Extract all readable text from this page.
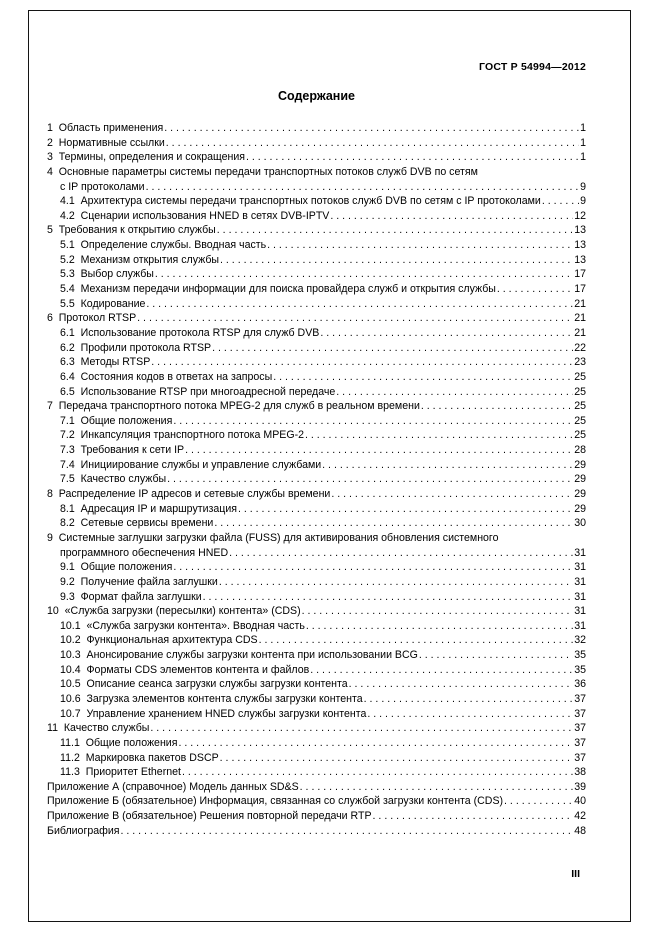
ГОСТ Р 54994—2012
Содержание
1  Область применения . . .	1
2  Нормативные ссылки . . .	1
3  Термины, определения и сокращения . . .	1
4  Основные параметры системы передачи транспортных потоков служб DVB по сетям
с IP протоколами . . .	9
4.1  Архитектура системы передачи транспортных потоков служб DVB по сетям с IP протоколами . . .	9
4.2  Сценарии использования HNED в сетях DVB-IPTV . . .	12
5  Требования к открытию службы . . .	13
5.1  Определение службы. Вводная часть . . .	13
5.2  Механизм открытия службы . . .	13
5.3  Выбор службы . . .	17
5.4  Механизм передачи информации для поиска провайдера служб и открытия службы . . .	17
5.5  Кодирование . . .	21
6  Протокол RTSP . . .	21
6.1  Использование протокола RTSP для служб DVB . . .	21
6.2  Профили протокола RTSP . . .	22
6.3  Методы RTSP . . .	23
6.4  Состояния кодов в ответах на запросы . . .	25
6.5  Использование RTSP при многоадресной передаче . . .	25
7  Передача транспортного потока MPEG-2 для служб в реальном времени . . .	25
7.1  Общие положения . . .	25
7.2  Инкапсуляция транспортного потока MPEG-2 . . .	25
7.3  Требования к сети IP . . .	28
7.4  Инициирование службы и управление службами . . .	29
7.5  Качество службы . . .	29
8  Распределение IP адресов и сетевые службы времени . . .	29
8.1  Адресация IP и маршрутизация . . .	29
8.2  Сетевые сервисы времени . . .	30
9  Системные заглушки загрузки файла (FUSS) для активирования обновления системного
программного обеспечения HNED . . .	31
9.1  Общие положения . . .	31
9.2  Получение файла заглушки . . .	31
9.3  Формат файла заглушки . . .	31
10  «Служба загрузки (пересылки) контента» (CDS) . . .	31
10.1  «Служба загрузки контента». Вводная часть . . .	31
10.2  Функциональная архитектура CDS . . .	32
10.3  Анонсирование службы загрузки контента при использовании BCG . . .	35
10.4  Форматы CDS элементов контента и файлов . . .	35
10.5  Описание сеанса загрузки службы загрузки контента . . .	36
10.6  Загрузка элементов контента службы загрузки контента . . .	37
10.7  Управление хранением HNED службы загрузки контента . . .	37
11  Качество службы . . .	37
11.1  Общие положения . . .	37
11.2  Маркировка пакетов DSCP . . .	37
11.3  Приоритет Ethernet . . .	38
Приложение А (справочное) Модель данных SD&S . . .	39
Приложение Б (обязательное) Информация, связанная со службой загрузки контента (CDS) . . .	40
Приложение В (обязательное) Решения повторной передачи RTP . . .	42
Библиография . . .	48
III
